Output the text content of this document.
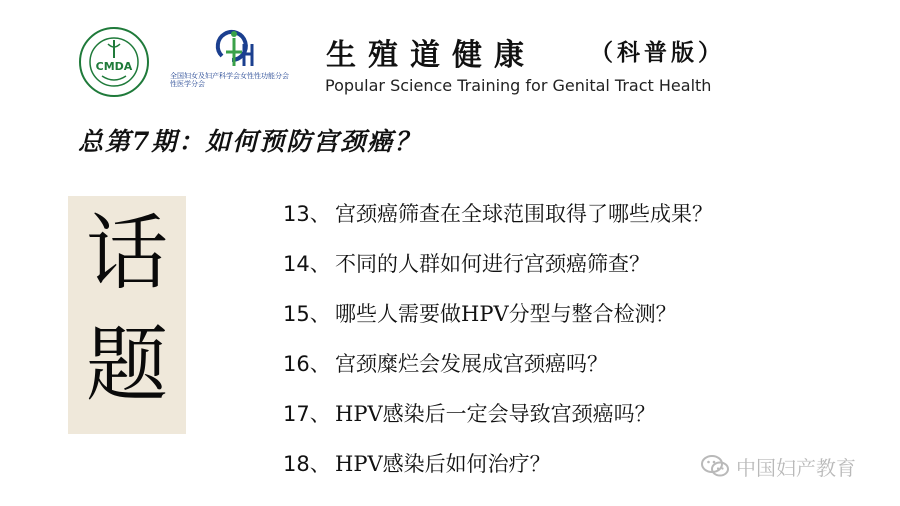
CMDA
全国妇女及妇产科学会女性性功能分会
性医学分会
生殖道健康 （科普版）
Popular Science Training for Genital Tract Health
总第7期：如何预防宫颈癌？
话
题
13、 宫颈癌筛查在全球范围取得了哪些成果？
14、 不同的人群如何进行宫颈癌筛查？
15、 哪些人需要做HPV分型与整合检测？
16、 宫颈糜烂会发展成宫颈癌吗？
17、 HPV感染后一定会导致宫颈癌吗？
18、 HPV感染后如何治疗？	中国妇产教育
